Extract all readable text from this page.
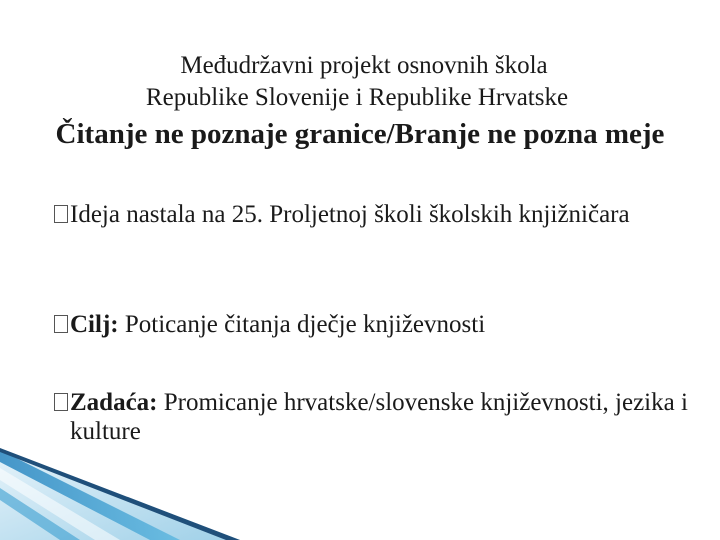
Međudržavni projekt osnovnih škola
Republike Slovenije i Republike Hrvatske
Čitanje ne poznaje granice/Branje ne pozna meje
Ideja nastala na 25. Proljetnoj školi školskih knjižničara
Cilj: Poticanje čitanja dječje književnosti
Zadaća: Promicanje hrvatske/slovenske književnosti, jezika i kulture
